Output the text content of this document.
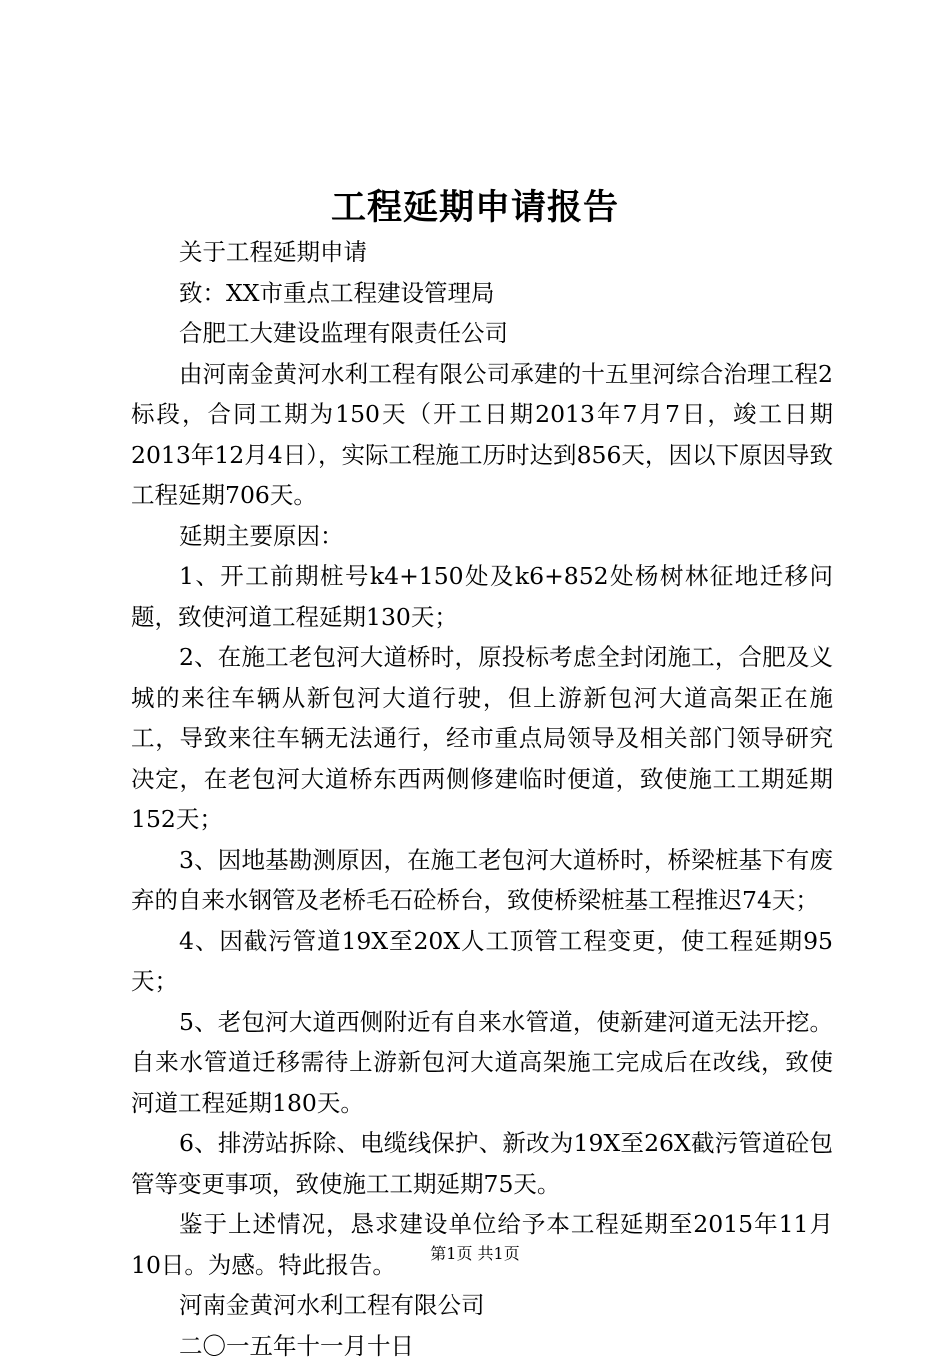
工程延期申请报告

关于工程延期申请

致：XX市重点工程建设管理局

合肥工大建设监理有限责任公司

由河南金黄河水利工程有限公司承建的十五里河综合治理工程2标段，合同工期为150天（开工日期2013年7月7日，竣工日期2013年12月4日），实际工程施工历时达到856天，因以下原因导致工程延期706天。

延期主要原因：

1、开工前期桩号k4+150处及k6+852处杨树林征地迁移问题，致使河道工程延期130天；

2、在施工老包河大道桥时，原投标考虑全封闭施工，合肥及义城的来往车辆从新包河大道行驶，但上游新包河大道高架正在施工，导致来往车辆无法通行，经市重点局领导及相关部门领导研究决定，在老包河大道桥东西两侧修建临时便道，致使施工工期延期152天；

3、因地基勘测原因，在施工老包河大道桥时，桥梁桩基下有废弃的自来水钢管及老桥毛石砼桥台，致使桥梁桩基工程推迟74天；

4、因截污管道19X至20X人工顶管工程变更，使工程延期95天；

5、老包河大道西侧附近有自来水管道，使新建河道无法开挖。自来水管道迁移需待上游新包河大道高架施工完成后在改线，致使河道工程延期180天。

6、排涝站拆除、电缆线保护、新改为19X至26X截污管道砼包管等变更事项，致使施工工期延期75天。

鉴于上述情况，恳求建设单位给予本工程延期至2015年11月10日。为感。特此报告。

河南金黄河水利工程有限公司

二〇一五年十一月十日

第1页 共1页
